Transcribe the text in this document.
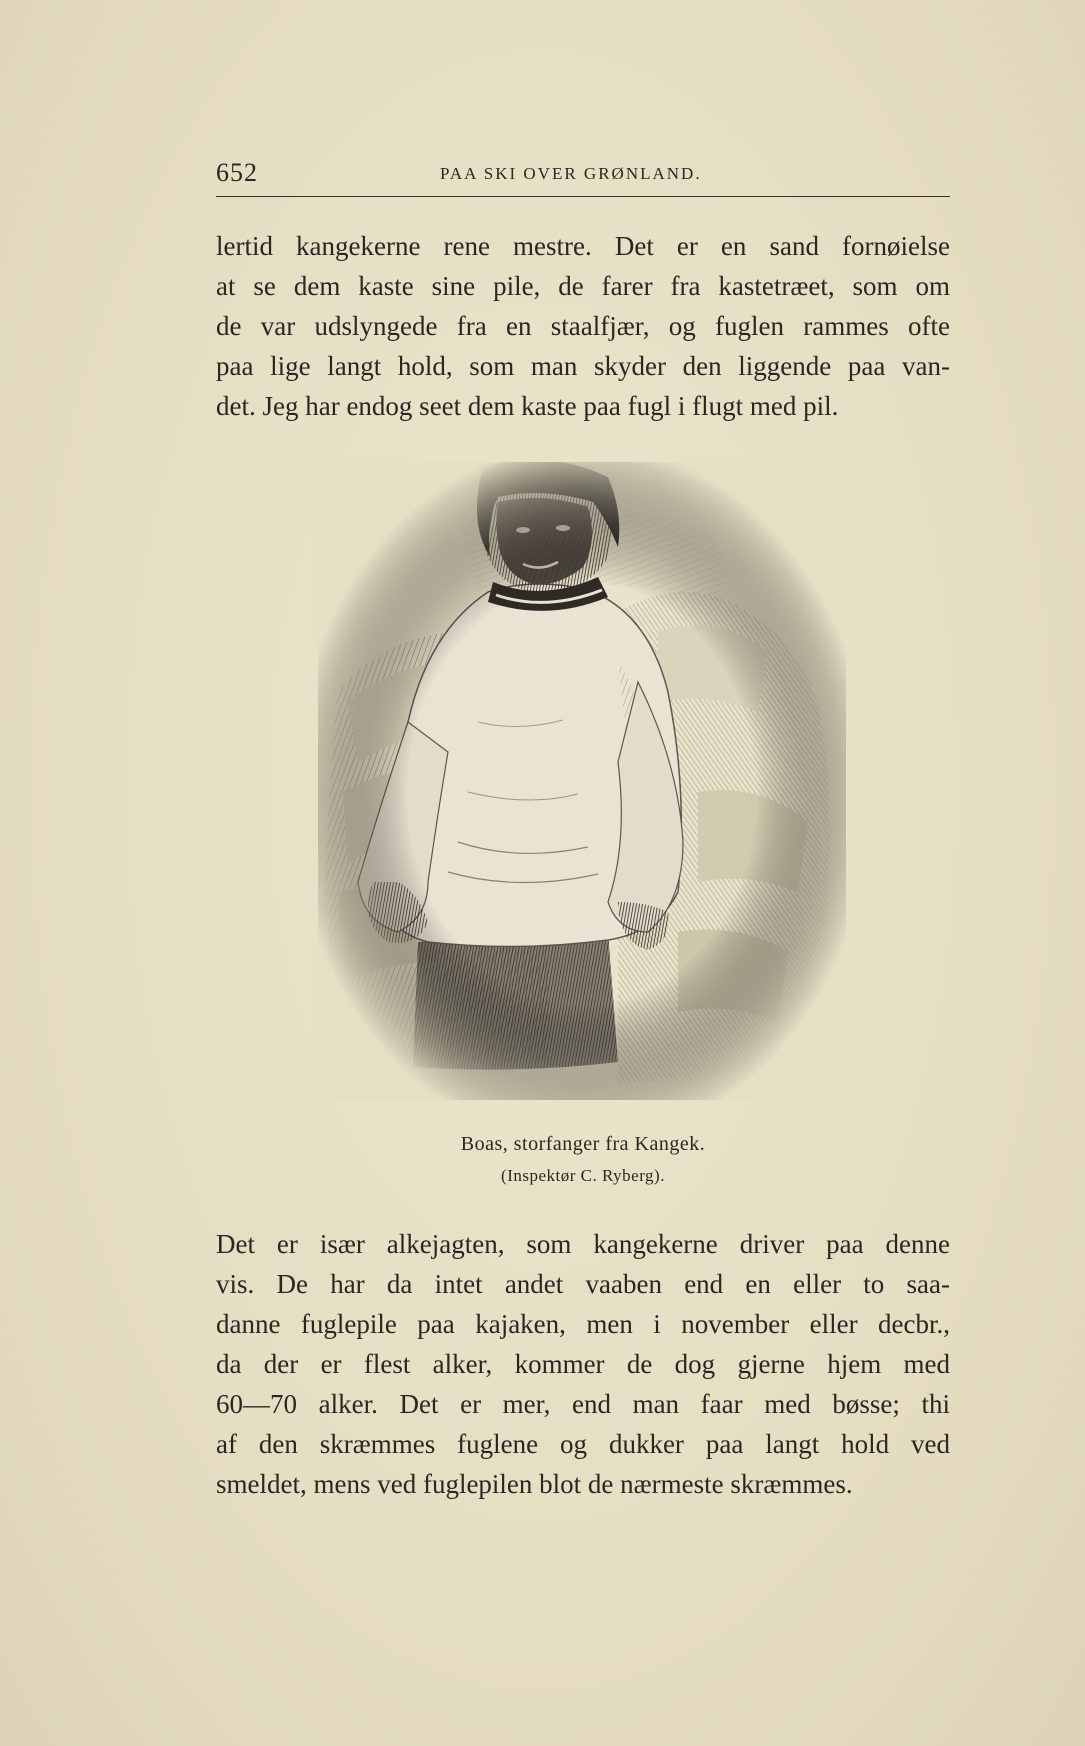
652	PAA SKI OVER GRØNLAND.
lertid kangekerne rene mestre. Det er en sand fornøielse
at se dem kaste sine pile, de farer fra kastetræet, som om
de var udslyngede fra en staalfjær, og fuglen rammes ofte
paa lige langt hold, som man skyder den liggende paa van-
det. Jeg har endog seet dem kaste paa fugl i flugt med pil.
Boas, storfanger fra Kangek.
(Inspektør C. Ryberg).
Det er især alkejagten, som kangekerne driver paa denne
vis. De har da intet andet vaaben end en eller to saa-
danne fuglepile paa kajaken, men i november eller decbr.,
da der er flest alker, kommer de dog gjerne hjem med
60—70 alker. Det er mer, end man faar med bøsse; thi
af den skræmmes fuglene og dukker paa langt hold ved
smeldet, mens ved fuglepilen blot de nærmeste skræmmes.
